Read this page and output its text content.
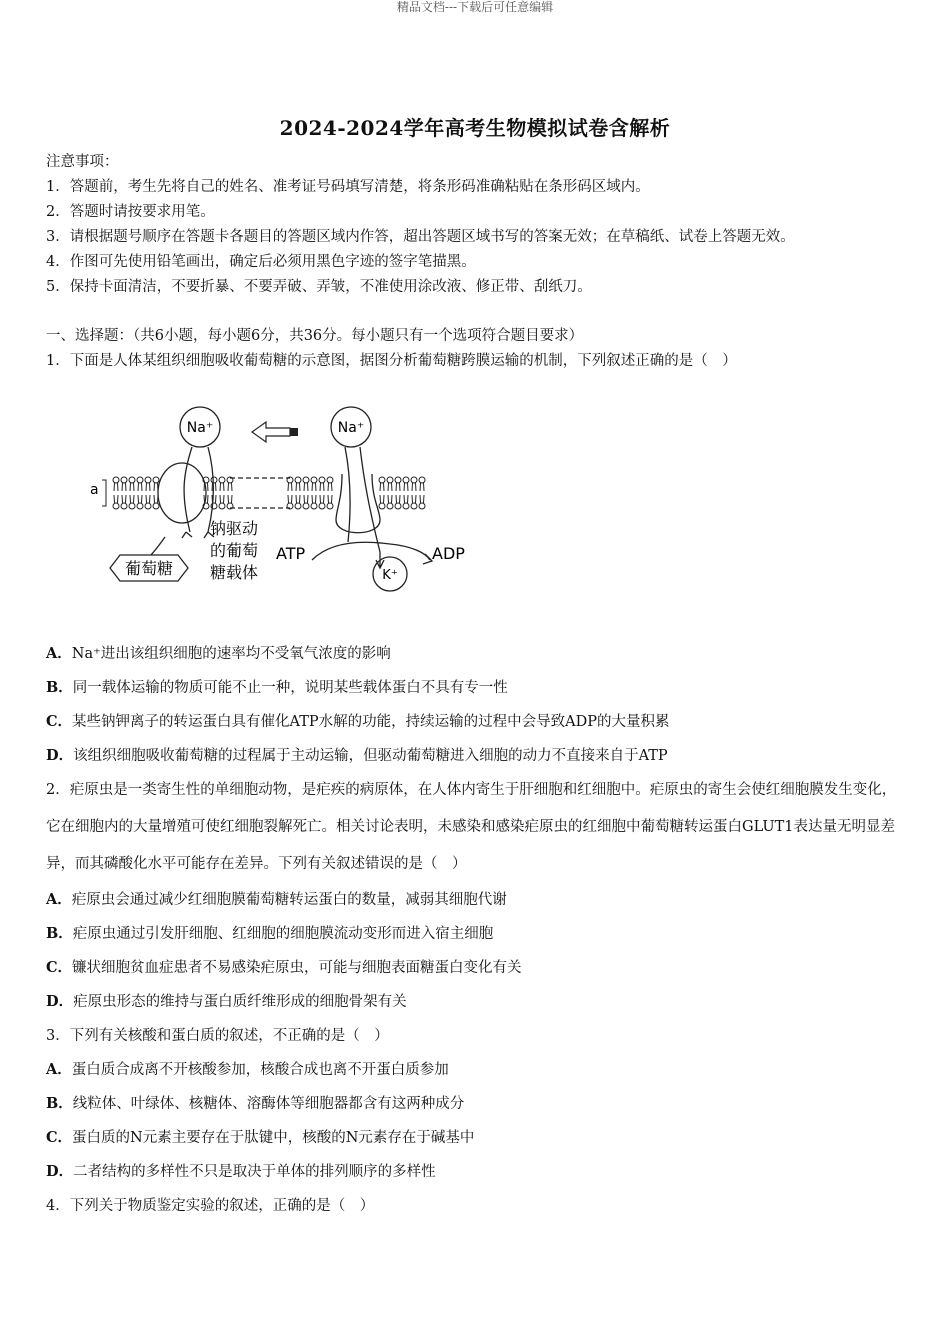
精品文档---下载后可任意编辑
2024-2024学年高考生物模拟试卷含解析

注意事项：

1．答题前，考生先将自己的姓名、准考证号码填写清楚，将条形码准确粘贴在条形码区域内。

2．答题时请按要求用笔。

3．请根据题号顺序在答题卡各题目的答题区域内作答，超出答题区域书写的答案无效；在草稿纸、试卷上答题无效。

4．作图可先使用铅笔画出，确定后必须用黑色字迹的签字笔描黑。

5．保持卡面清洁，不要折暴、不要弄破、弄皱，不准使用涂改液、修正带、刮纸刀。

一、选择题：（共6小题，每小题6分，共36分。每小题只有一个选项符合题目要求）
1．下面是人体某组织细胞吸收葡萄糖的示意图，据图分析葡萄糖跨膜运输的机制，下列叙述正确的是（　）
Na⁺	Na⁺
a
钠驱动
的葡萄
糖载体
葡萄糖
ATP	ADP
K⁺
A．Na⁺进出该组织细胞的速率均不受氧气浓度的影响
B．同一载体运输的物质可能不止一种，说明某些载体蛋白不具有专一性
C．某些钠钾离子的转运蛋白具有催化ATP水解的功能，持续运输的过程中会导致ADP的大量积累
D．该组织细胞吸收葡萄糖的过程属于主动运输，但驱动葡萄糖进入细胞的动力不直接来自于ATP
2．疟原虫是一类寄生性的单细胞动物，是疟疾的病原体，在人体内寄生于肝细胞和红细胞中。疟原虫的寄生会使红细胞膜发生变化，它在细胞内的大量增殖可使红细胞裂解死亡。相关讨论表明，未感染和感染疟原虫的红细胞中葡萄糖转运蛋白GLUT1表达量无明显差异，而其磷酸化水平可能存在差异。下列有关叙述错误的是（　）
A．疟原虫会通过减少红细胞膜葡萄糖转运蛋白的数量，减弱其细胞代谢
B．疟原虫通过引发肝细胞、红细胞的细胞膜流动变形而进入宿主细胞
C．镰状细胞贫血症患者不易感染疟原虫，可能与细胞表面糖蛋白变化有关
D．疟原虫形态的维持与蛋白质纤维形成的细胞骨架有关
3．下列有关核酸和蛋白质的叙述，不正确的是（　）
A．蛋白质合成离不开核酸参加，核酸合成也离不开蛋白质参加
B．线粒体、叶绿体、核糖体、溶酶体等细胞器都含有这两种成分
C．蛋白质的N元素主要存在于肽键中，核酸的N元素存在于碱基中
D．二者结构的多样性不只是取决于单体的排列顺序的多样性
4．下列关于物质鉴定实验的叙述，正确的是（　）
